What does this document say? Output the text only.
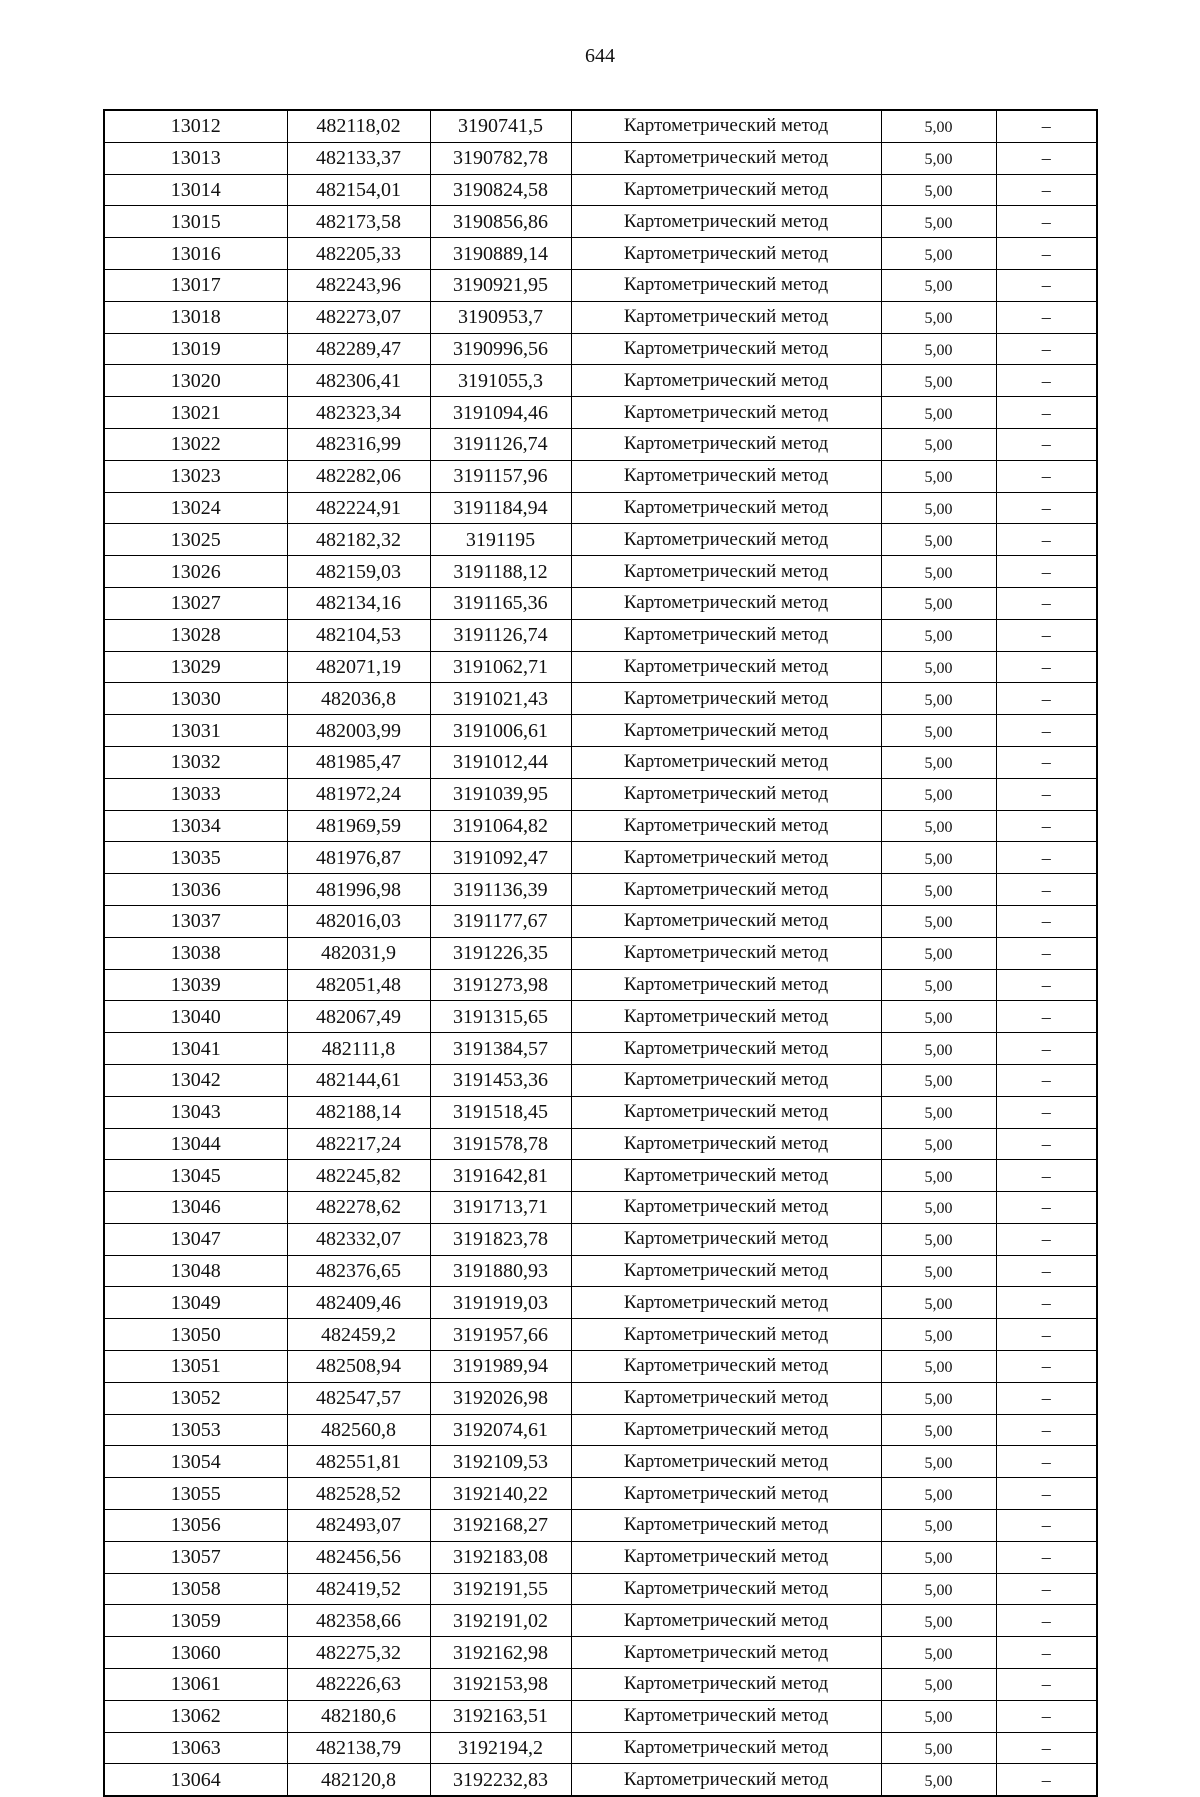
644
13012	482118,02	3190741,5	Картометрический метод	5,00	–
13013	482133,37	3190782,78	Картометрический метод	5,00	–
13014	482154,01	3190824,58	Картометрический метод	5,00	–
13015	482173,58	3190856,86	Картометрический метод	5,00	–
13016	482205,33	3190889,14	Картометрический метод	5,00	–
13017	482243,96	3190921,95	Картометрический метод	5,00	–
13018	482273,07	3190953,7	Картометрический метод	5,00	–
13019	482289,47	3190996,56	Картометрический метод	5,00	–
13020	482306,41	3191055,3	Картометрический метод	5,00	–
13021	482323,34	3191094,46	Картометрический метод	5,00	–
13022	482316,99	3191126,74	Картометрический метод	5,00	–
13023	482282,06	3191157,96	Картометрический метод	5,00	–
13024	482224,91	3191184,94	Картометрический метод	5,00	–
13025	482182,32	3191195	Картометрический метод	5,00	–
13026	482159,03	3191188,12	Картометрический метод	5,00	–
13027	482134,16	3191165,36	Картометрический метод	5,00	–
13028	482104,53	3191126,74	Картометрический метод	5,00	–
13029	482071,19	3191062,71	Картометрический метод	5,00	–
13030	482036,8	3191021,43	Картометрический метод	5,00	–
13031	482003,99	3191006,61	Картометрический метод	5,00	–
13032	481985,47	3191012,44	Картометрический метод	5,00	–
13033	481972,24	3191039,95	Картометрический метод	5,00	–
13034	481969,59	3191064,82	Картометрический метод	5,00	–
13035	481976,87	3191092,47	Картометрический метод	5,00	–
13036	481996,98	3191136,39	Картометрический метод	5,00	–
13037	482016,03	3191177,67	Картометрический метод	5,00	–
13038	482031,9	3191226,35	Картометрический метод	5,00	–
13039	482051,48	3191273,98	Картометрический метод	5,00	–
13040	482067,49	3191315,65	Картометрический метод	5,00	–
13041	482111,8	3191384,57	Картометрический метод	5,00	–
13042	482144,61	3191453,36	Картометрический метод	5,00	–
13043	482188,14	3191518,45	Картометрический метод	5,00	–
13044	482217,24	3191578,78	Картометрический метод	5,00	–
13045	482245,82	3191642,81	Картометрический метод	5,00	–
13046	482278,62	3191713,71	Картометрический метод	5,00	–
13047	482332,07	3191823,78	Картометрический метод	5,00	–
13048	482376,65	3191880,93	Картометрический метод	5,00	–
13049	482409,46	3191919,03	Картометрический метод	5,00	–
13050	482459,2	3191957,66	Картометрический метод	5,00	–
13051	482508,94	3191989,94	Картометрический метод	5,00	–
13052	482547,57	3192026,98	Картометрический метод	5,00	–
13053	482560,8	3192074,61	Картометрический метод	5,00	–
13054	482551,81	3192109,53	Картометрический метод	5,00	–
13055	482528,52	3192140,22	Картометрический метод	5,00	–
13056	482493,07	3192168,27	Картометрический метод	5,00	–
13057	482456,56	3192183,08	Картометрический метод	5,00	–
13058	482419,52	3192191,55	Картометрический метод	5,00	–
13059	482358,66	3192191,02	Картометрический метод	5,00	–
13060	482275,32	3192162,98	Картометрический метод	5,00	–
13061	482226,63	3192153,98	Картометрический метод	5,00	–
13062	482180,6	3192163,51	Картометрический метод	5,00	–
13063	482138,79	3192194,2	Картометрический метод	5,00	–
13064	482120,8	3192232,83	Картометрический метод	5,00	–
